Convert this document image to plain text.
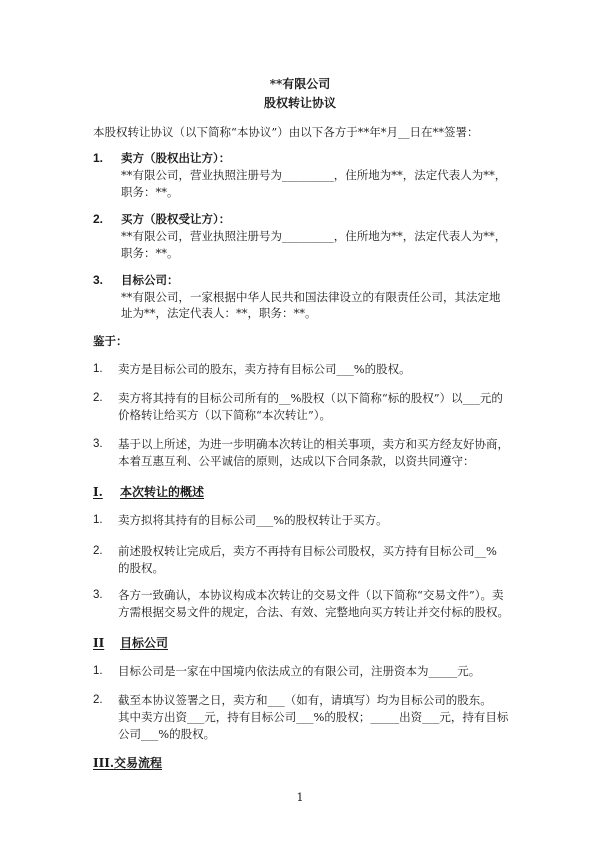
**有限公司
股权转让协议
本股权转让协议（以下简称“本协议”）由以下各方于**年*月__日在**签署：
1. 卖方（股权出让方）：
**有限公司，营业执照注册号为_________，住所地为**，法定代表人为**，
职务：**。
2. 买方（股权受让方）：
**有限公司，营业执照注册号为_________，住所地为**，法定代表人为**，
职务：**。
3. 目标公司：
**有限公司，一家根据中华人民共和国法律设立的有限责任公司，其法定地
址为**，法定代表人：**，职务：**。
鉴于：
1. 卖方是目标公司的股东，卖方持有目标公司___%的股权。
2. 卖方将其持有的目标公司所有的__%股权（以下简称“标的股权”）以___元的
价格转让给买方（以下简称“本次转让”）。
3. 基于以上所述，为进一步明确本次转让的相关事项，卖方和买方经友好协商，
本着互惠互利、公平诚信的原则，达成以下合同条款，以资共同遵守：
I. 本次转让的概述
1. 卖方拟将其持有的目标公司___%的股权转让于买方。
2. 前述股权转让完成后，卖方不再持有目标公司股权，买方持有目标公司__%
的股权。
3. 各方一致确认，本协议构成本次转让的交易文件（以下简称“交易文件”）。卖
方需根据交易文件的规定，合法、有效、完整地向买方转让并交付标的股权。
II 目标公司
1. 目标公司是一家在中国境内依法成立的有限公司，注册资本为_____元。
2. 截至本协议签署之日，卖方和___（如有，请填写）均为目标公司的股东。
其中卖方出资___元，持有目标公司___%的股权；_____出资___元，持有目标
公司___%的股权。
III. 交易流程
1
